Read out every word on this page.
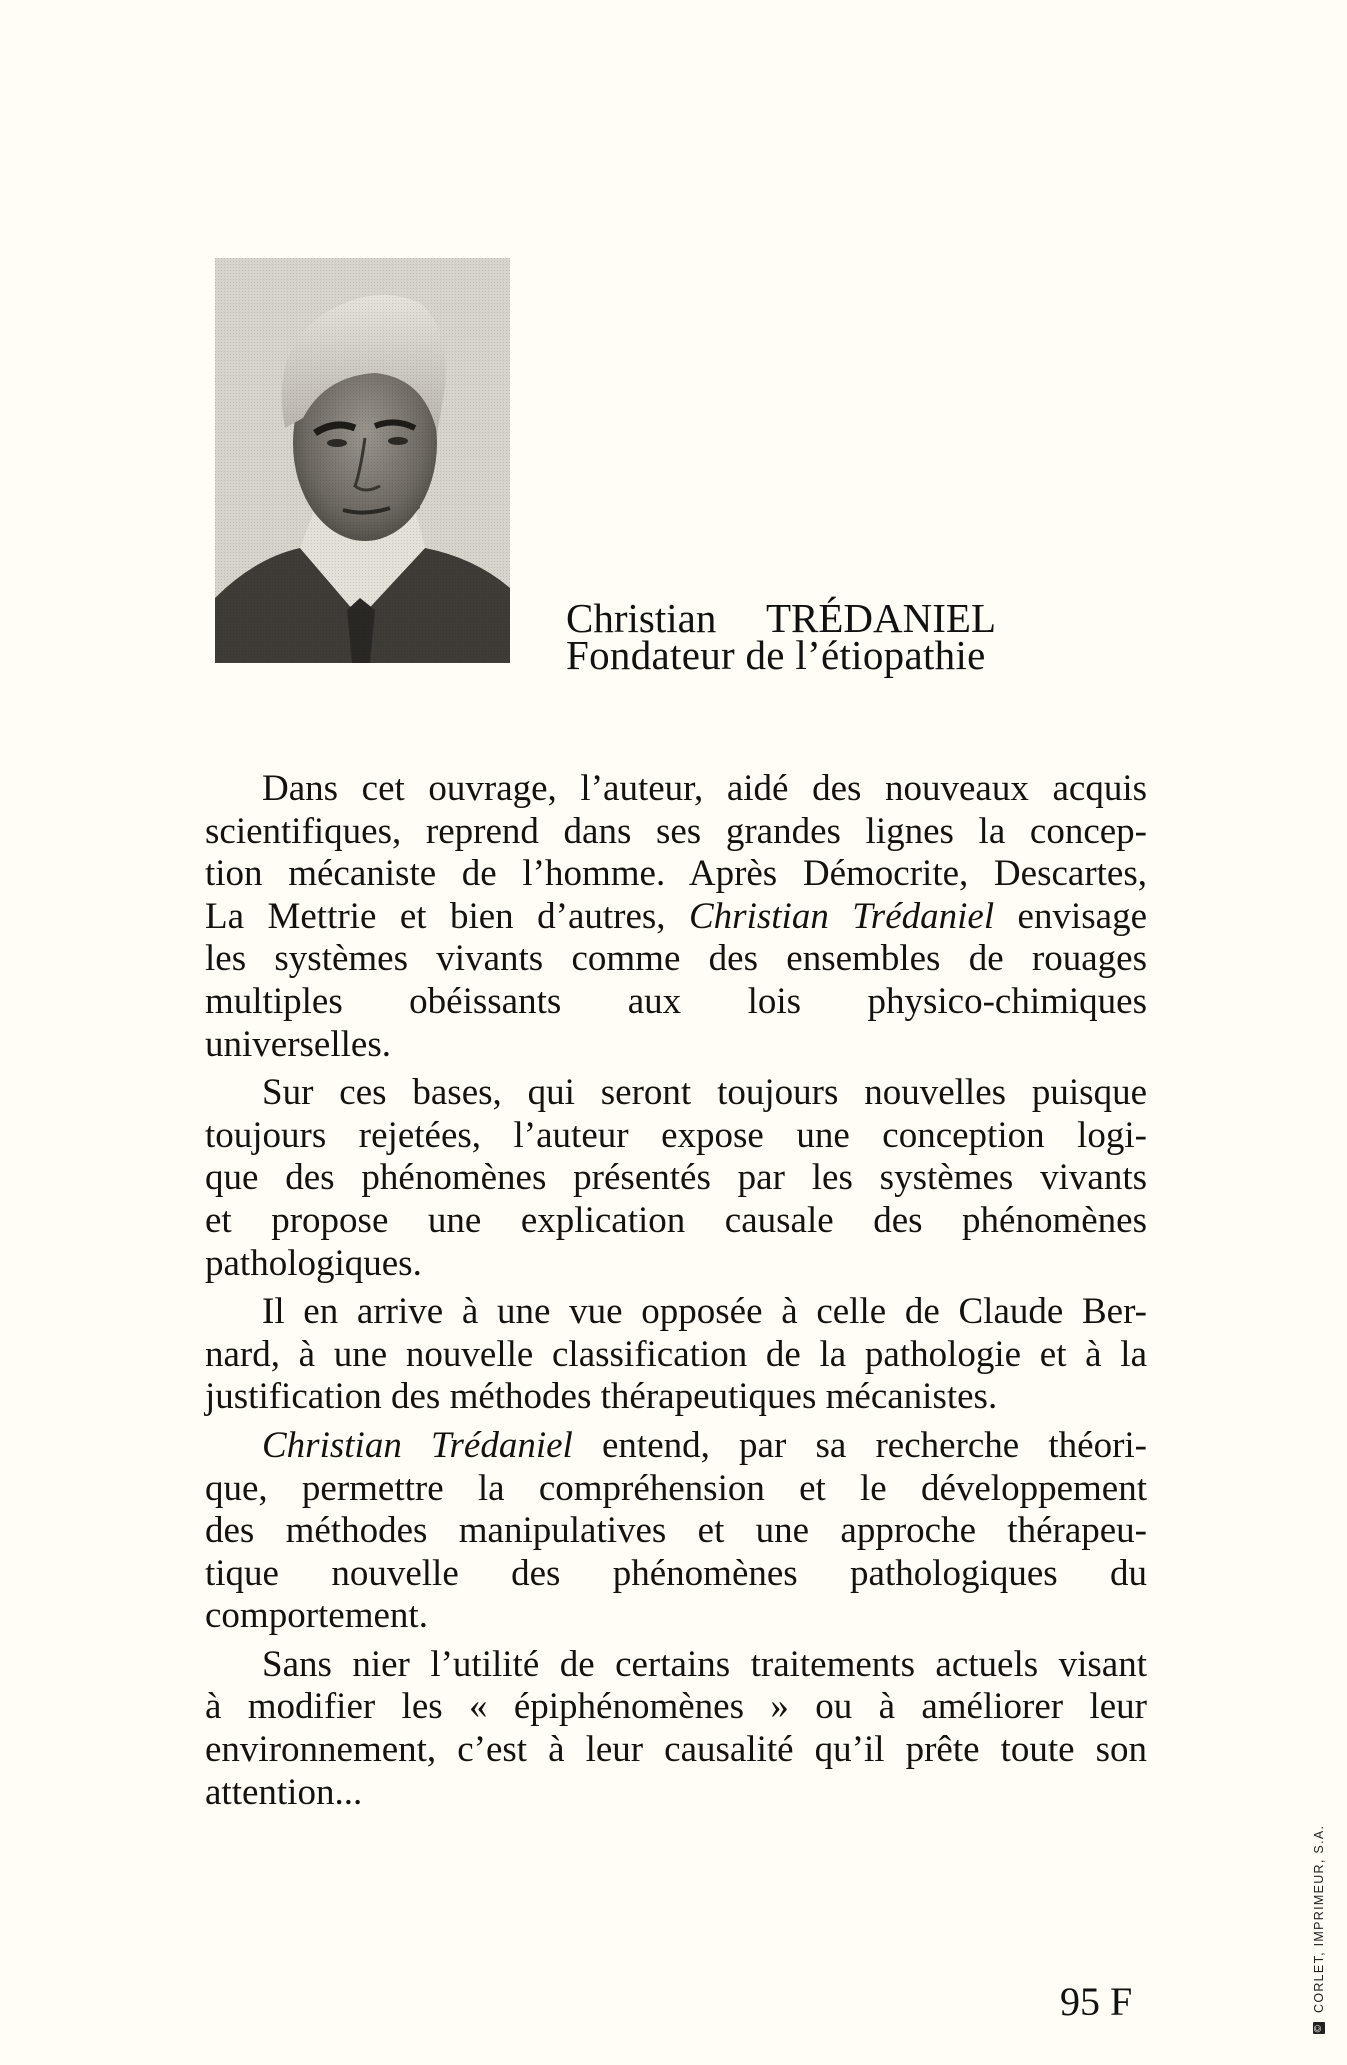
Christian TRÉDANIEL
Fondateur de l’étiopathie
Dans cet ouvrage, l’auteur, aidé des nouveaux acquis
scientifiques, reprend dans ses grandes lignes la concep-
tion mécaniste de l’homme. Après Démocrite, Descartes,
La Mettrie et bien d’autres, Christian Trédaniel envisage
les systèmes vivants comme des ensembles de rouages
multiples obéissants aux lois physico-chimiques
universelles.
Sur ces bases, qui seront toujours nouvelles puisque
toujours rejetées, l’auteur expose une conception logi-
que des phénomènes présentés par les systèmes vivants
et propose une explication causale des phénomènes
pathologiques.
Il en arrive à une vue opposée à celle de Claude Ber-
nard, à une nouvelle classification de la pathologie et à la
justification des méthodes thérapeutiques mécanistes.
Christian Trédaniel entend, par sa recherche théori-
que, permettre la compréhension et le développement
des méthodes manipulatives et une approche thérapeu-
tique nouvelle des phénomènes pathologiques du
comportement.
Sans nier l’utilité de certains traitements actuels visant
à modifier les « épiphénomènes » ou à améliorer leur
environnement, c’est à leur causalité qu’il prête toute son
attention...
95 F
©
CORLET, IMPRIMEUR, S.A.
